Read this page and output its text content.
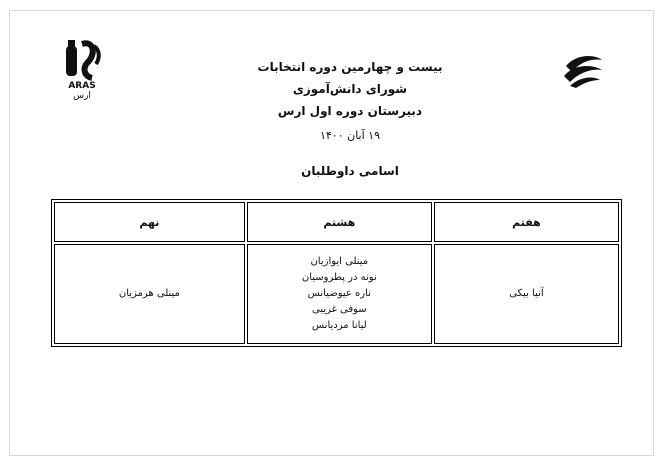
ARAS
ارس
بیست و چهارمین دوره انتخابات
شورای دانش‌آموزی
دبیرستان دوره اول ارس
۱۹ آبان ۱۴۰۰
اسامی داوطلبان
هفتم	هشتم	نهم

آنیا بیکی	مینلی ایوازیان
نونه در پطروسیان
ناره عیوضیانس
سوفی غریبی
لیانا مردیانس	مینلی هرمزیان
